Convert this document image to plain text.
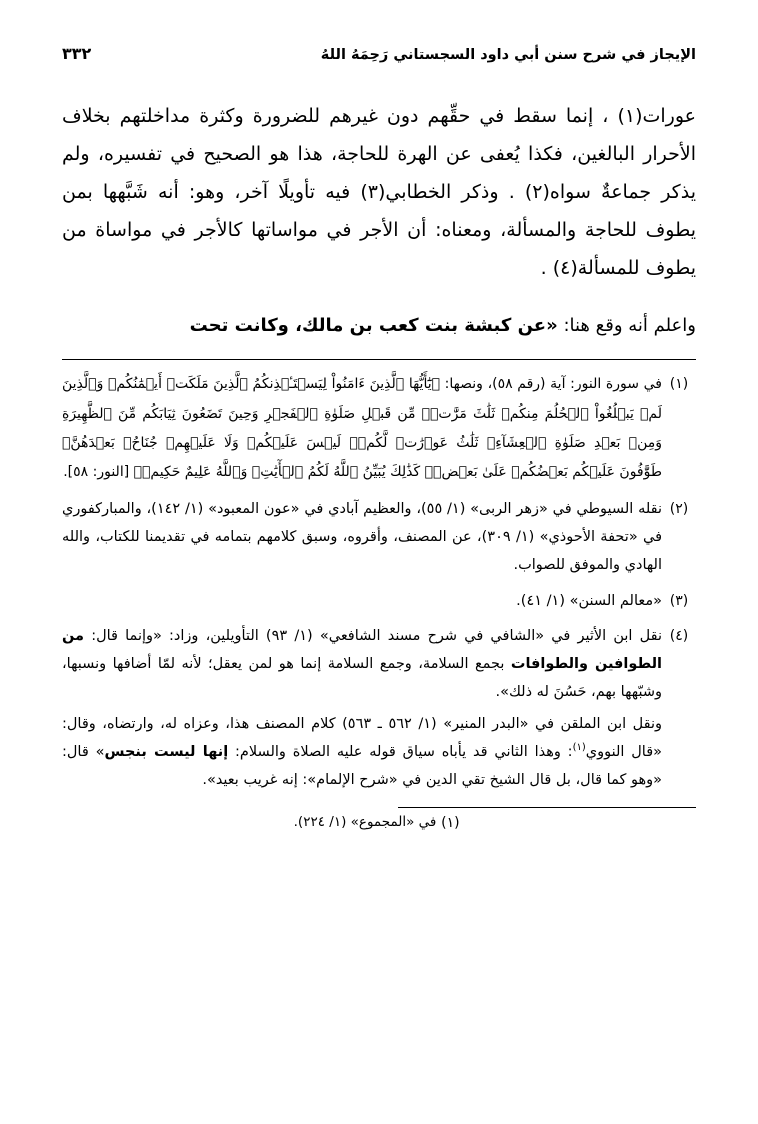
الإيجاز في شرح سنن أبي داود السجستاني رَحِمَهُ اللهُ
٣٣٢

عورات(١) ، إنما سقط في حقِّهم دون غيرهم للضرورة وكثرة مداخلتهم بخلاف الأحرار البالغين، فكذا يُعفى عن الهرة للحاجة، هذا هو الصحيح في تفسيره، ولم يذكر جماعةٌ سواه(٢) . وذكر الخطابي(٣) فيه تأويلًا آخر، وهو: أنه شَبَّهها بمن يطوف للحاجة والمسألة، ومعناه: أن الأجر في مواساتها كالأجر في مواساة من يطوف للمسألة(٤) .

واعلم أنه وقع هنا: «عن كبشة بنت كعب بن مالك، وكانت تحت
(١)
في سورة النور: آية (رقم ٥٨)، ونصها: ﴿يَٰٓأَيُّهَا ٱلَّذِينَ ءَامَنُواْ لِيَسۡتَـٔۡذِنكُمُ ٱلَّذِينَ مَلَكَتۡ أَيۡمَٰنُكُمۡ وَٱلَّذِينَ لَمۡ يَبۡلُغُواْ ٱلۡحُلُمَ مِنكُمۡ ثَلَٰثَ مَرَّٰتٖۚ مِّن قَبۡلِ صَلَوٰةِ ٱلۡفَجۡرِ وَحِينَ تَضَعُونَ ثِيَابَكُم مِّنَ ٱلظَّهِيرَةِ وَمِنۢ بَعۡدِ صَلَوٰةِ ٱلۡعِشَآءِۚ ثَلَٰثُ عَوۡرَٰتٖ لَّكُمۡۚ لَيۡسَ عَلَيۡكُمۡ وَلَا عَلَيۡهِمۡ جُنَاحُۢ بَعۡدَهُنَّۚ طَوَّٰفُونَ عَلَيۡكُم بَعۡضُكُمۡ عَلَىٰ بَعۡضٖۚ كَذَٰلِكَ يُبَيِّنُ ٱللَّهُ لَكُمُ ٱلۡأٓيَٰتِۗ وَٱللَّهُ عَلِيمٌ حَكِيمٞ﴾ [النور: ٥٨].
(٢)
نقله السيوطي في «زهر الربى» (١/ ٥٥)، والعظيم آبادي في «عون المعبود» (١/ ١٤٢)، والمباركفوري في «تحفة الأحوذي» (١/ ٣٠٩)، عن المصنف، وأقروه، وسبق كلامهم بتمامه في تقديمنا للكتاب، والله الهادي والموفق للصواب.
(٣)
«معالم السنن» (١/ ٤١).
(٤)

نقل ابن الأثير في «الشافي في شرح مسند الشافعي» (١/ ٩٣) التأويلين، وزاد: «وإنما قال: من الطوافين والطوافات بجمع السلامة، وجمع السلامة إنما هو لمن يعقل؛ لأنه لمّا أضافها ونسبها، وشبّهها بهم، حَسُنَ له ذلك».

ونقل ابن الملقن في «البدر المنير» (١/ ٥٦٢ ـ ٥٦٣) كلام المصنف هذا، وعزاه له، وارتضاه، وقال: «قال النووي$^{(١)}$: وهذا الثاني قد يأباه سياق قوله عليه الصلاة والسلام: إنها ليست بنجس» قال: «وهو كما قال، بل قال الشيخ تقي الدين في «شرح الإلمام»: إنه غريب بعيد».

(١)
في «المجموع» (١/ ٢٢٤).
